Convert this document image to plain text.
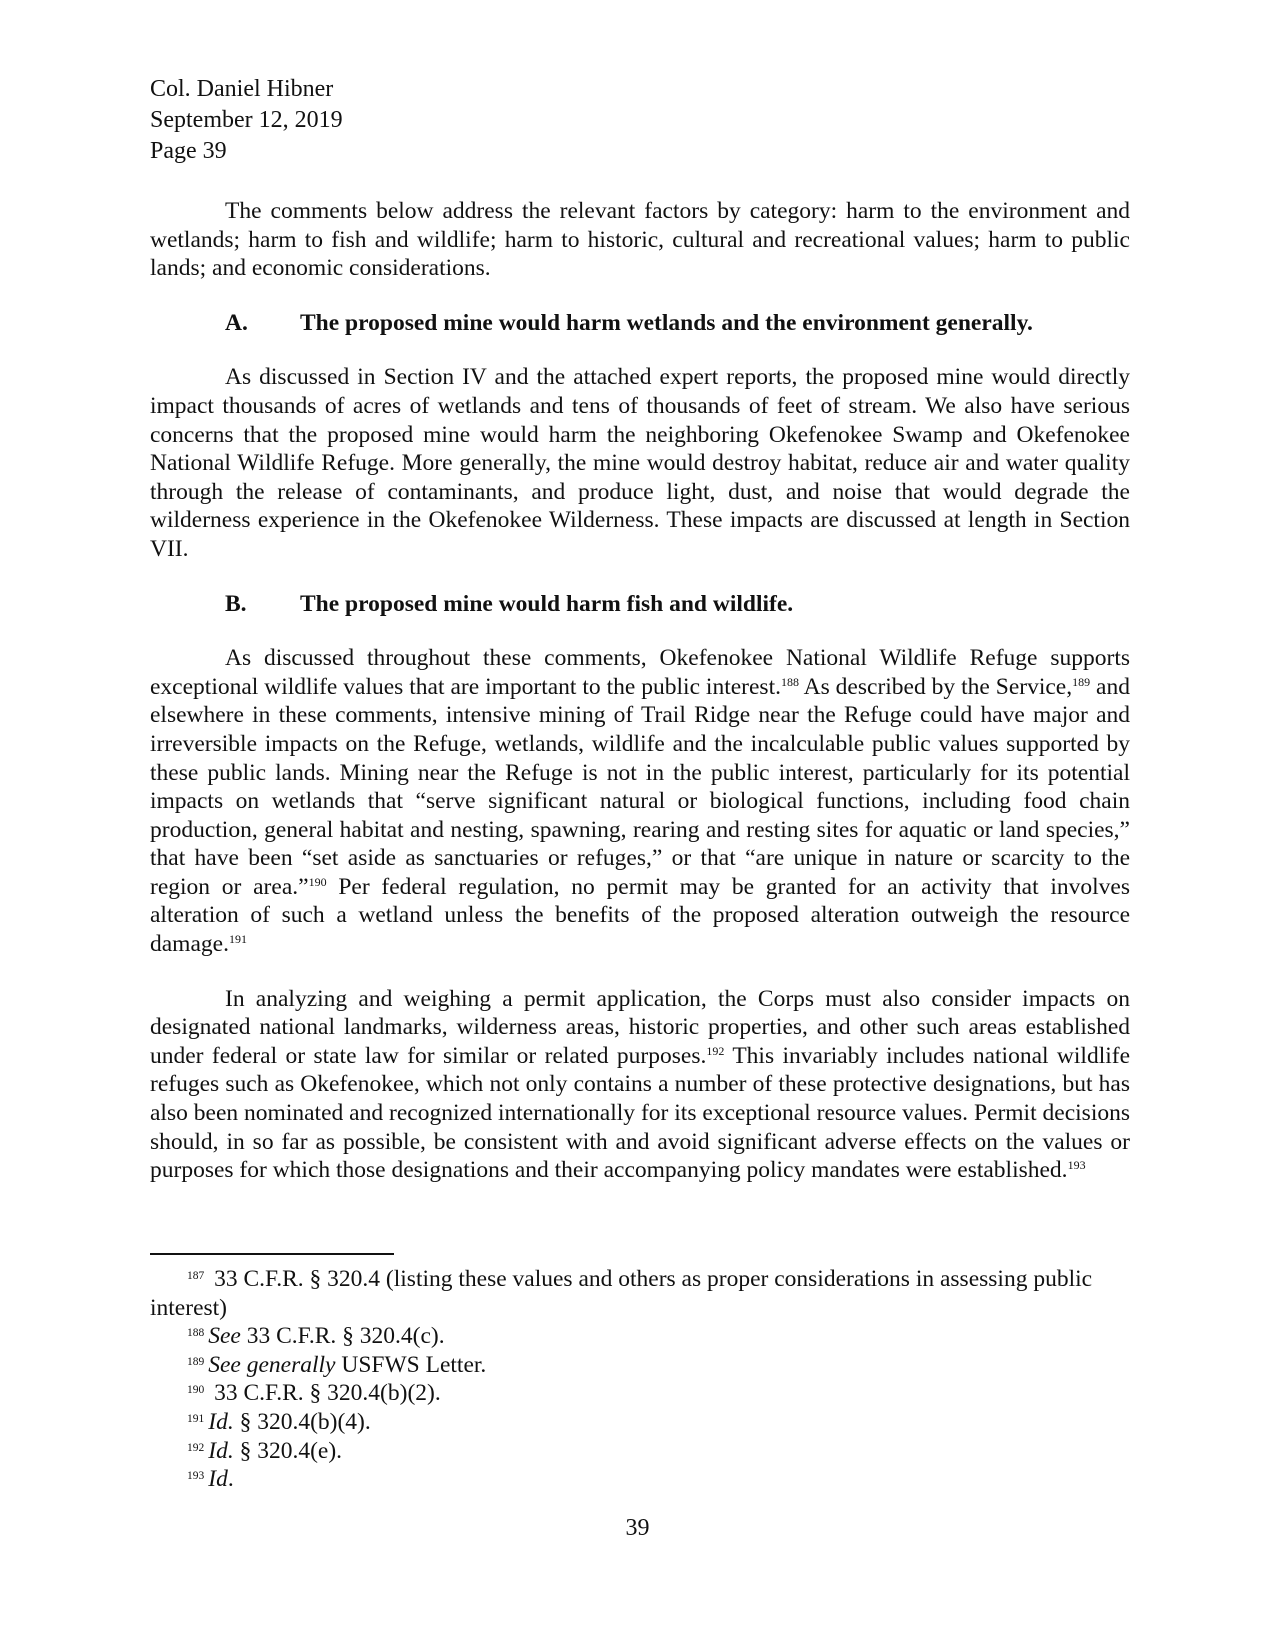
Col. Daniel Hibner
September 12, 2019
Page 39

The comments below address the relevant factors by category: harm to the environment and wetlands; harm to fish and wildlife; harm to historic, cultural and recreational values; harm to public lands; and economic considerations.

A. The proposed mine would harm wetlands and the environment generally.

As discussed in Section IV and the attached expert reports, the proposed mine would directly impact thousands of acres of wetlands and tens of thousands of feet of stream. We also have serious concerns that the proposed mine would harm the neighboring Okefenokee Swamp and Okefenokee National Wildlife Refuge. More generally, the mine would destroy habitat, reduce air and water quality through the release of contaminants, and produce light, dust, and noise that would degrade the wilderness experience in the Okefenokee Wilderness. These impacts are discussed at length in Section VII.

B. The proposed mine would harm fish and wildlife.

As discussed throughout these comments, Okefenokee National Wildlife Refuge supports exceptional wildlife values that are important to the public interest.$^{188}$ As described by the Service,$^{189}$ and elsewhere in these comments, intensive mining of Trail Ridge near the Refuge could have major and irreversible impacts on the Refuge, wetlands, wildlife and the incalculable public values supported by these public lands. Mining near the Refuge is not in the public interest, particularly for its potential impacts on wetlands that “serve significant natural or biological functions, including food chain production, general habitat and nesting, spawning, rearing and resting sites for aquatic or land species,” that have been “set aside as sanctuaries or refuges,” or that “are unique in nature or scarcity to the region or area.”$^{190}$ Per federal regulation, no permit may be granted for an activity that involves alteration of such a wetland unless the benefits of the proposed alteration outweigh the resource damage.$^{191}$

In analyzing and weighing a permit application, the Corps must also consider impacts on designated national landmarks, wilderness areas, historic properties, and other such areas established under federal or state law for similar or related purposes.$^{192}$ This invariably includes national wildlife refuges such as Okefenokee, which not only contains a number of these protective designations, but has also been nominated and recognized internationally for its exceptional resource values. Permit decisions should, in so far as possible, be consistent with and avoid significant adverse effects on the values or purposes for which those designations and their accompanying policy mandates were established.$^{193}$

$^{187}$ 33 C.F.R. § 320.4 (listing these values and others as proper considerations in assessing public interest)
$^{188}$ See 33 C.F.R. § 320.4(c).
$^{189}$ See generally USFWS Letter.
$^{190}$ 33 C.F.R. § 320.4(b)(2).
$^{191}$ Id. § 320.4(b)(4).
$^{192}$ Id. § 320.4(e).
$^{193}$ Id.
39
